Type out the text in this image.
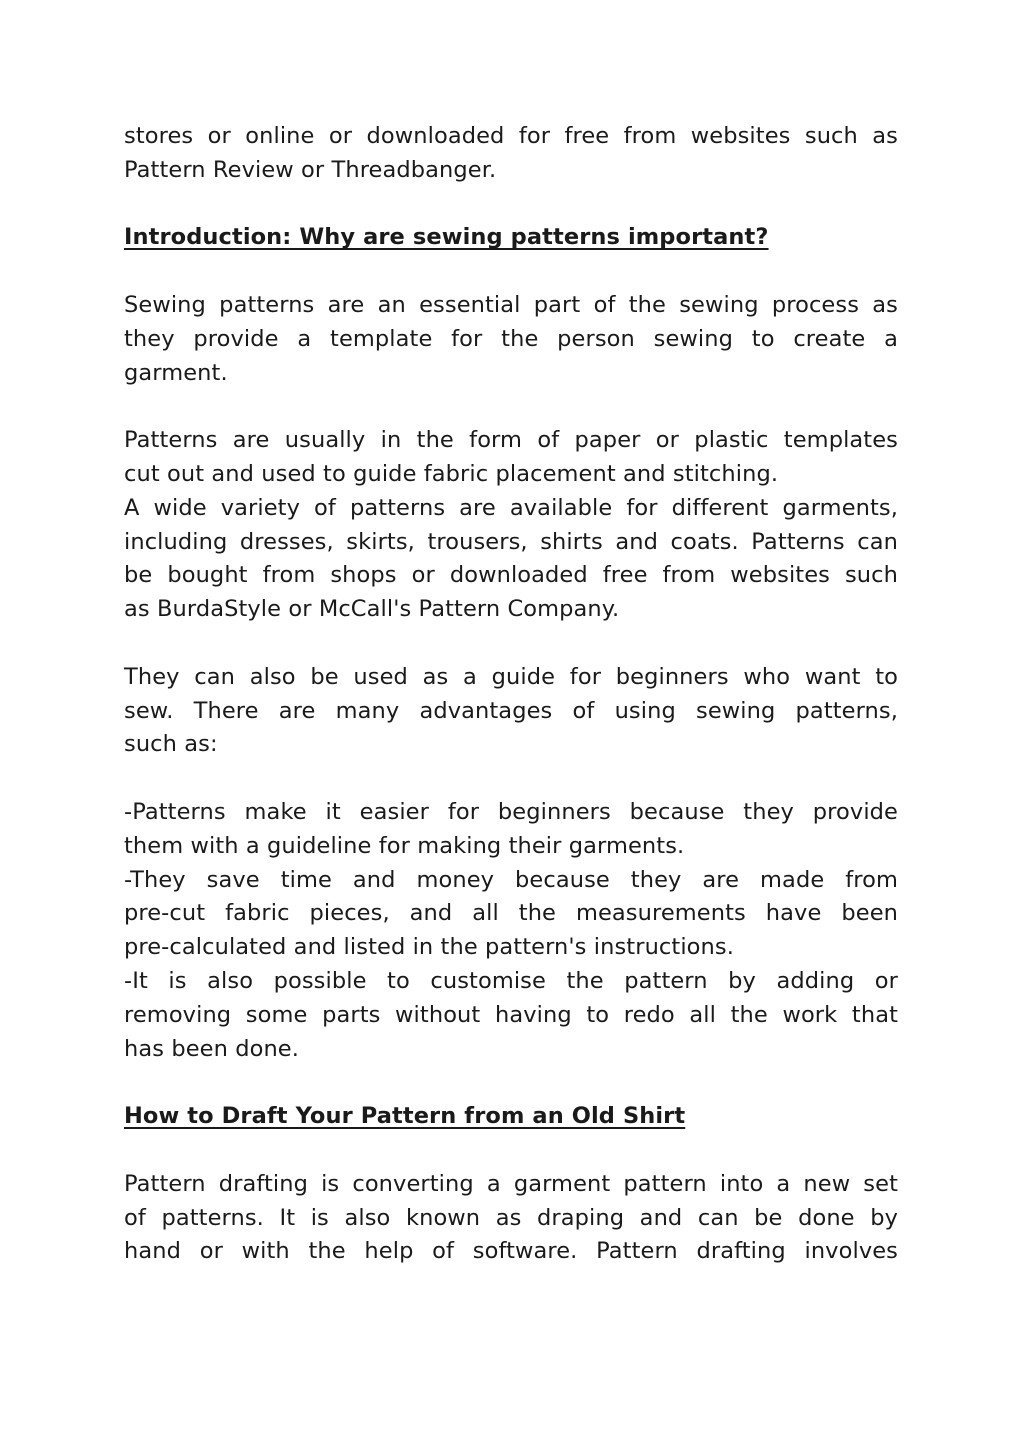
stores or online or downloaded for free from websites such as
Pattern Review or Threadbanger.
Introduction: Why are sewing patterns important?
Sewing patterns are an essential part of the sewing process as
they provide a template for the person sewing to create a
garment.
Patterns are usually in the form of paper or plastic templates
cut out and used to guide fabric placement and stitching.
A wide variety of patterns are available for different garments,
including dresses, skirts, trousers, shirts and coats. Patterns can
be bought from shops or downloaded free from websites such
as BurdaStyle or McCall's Pattern Company.
They can also be used as a guide for beginners who want to
sew. There are many advantages of using sewing patterns,
such as:
-Patterns make it easier for beginners because they provide
them with a guideline for making their garments.
-They save time and money because they are made from
pre-cut fabric pieces, and all the measurements have been
pre-calculated and listed in the pattern's instructions.
-It is also possible to customise the pattern by adding or
removing some parts without having to redo all the work that
has been done.
How to Draft Your Pattern from an Old Shirt
Pattern drafting is converting a garment pattern into a new set
of patterns. It is also known as draping and can be done by
hand or with the help of software. Pattern drafting involves
